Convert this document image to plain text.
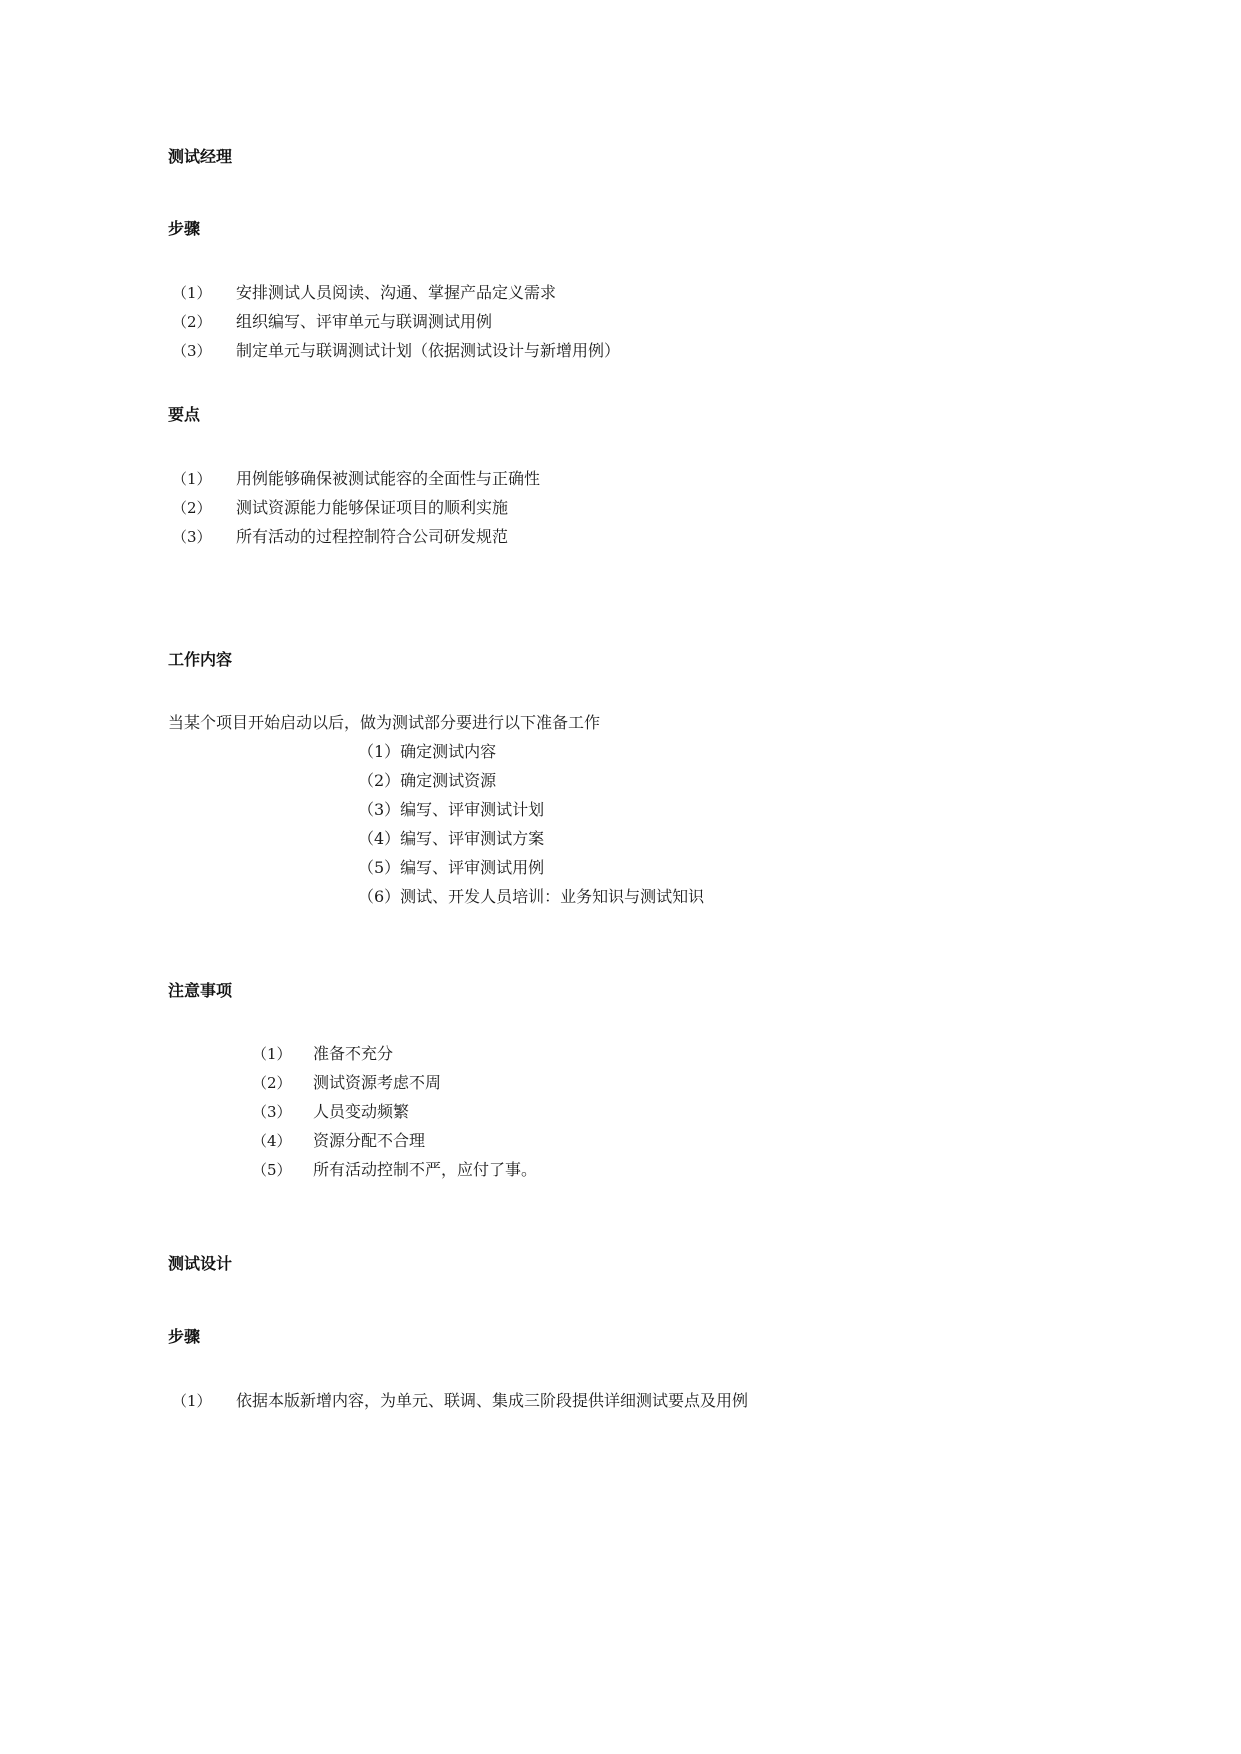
测试经理
步骤
（1） 安排测试人员阅读、沟通、掌握产品定义需求
（2） 组织编写、评审单元与联调测试用例
（3） 制定单元与联调测试计划（依据测试设计与新增用例）
要点
（1） 用例能够确保被测试能容的全面性与正确性
（2） 测试资源能力能够保证项目的顺利实施
（3） 所有活动的过程控制符合公司研发规范
工作内容
当某个项目开始启动以后，做为测试部分要进行以下准备工作
（1）确定测试内容
（2）确定测试资源
（3）编写、评审测试计划
（4）编写、评审测试方案
（5）编写、评审测试用例
（6）测试、开发人员培训：业务知识与测试知识
注意事项
（1） 准备不充分
（2） 测试资源考虑不周
（3） 人员变动频繁
（4） 资源分配不合理
（5） 所有活动控制不严，应付了事。
测试设计
步骤
（1） 依据本版新增内容，为单元、联调、集成三阶段提供详细测试要点及用例
